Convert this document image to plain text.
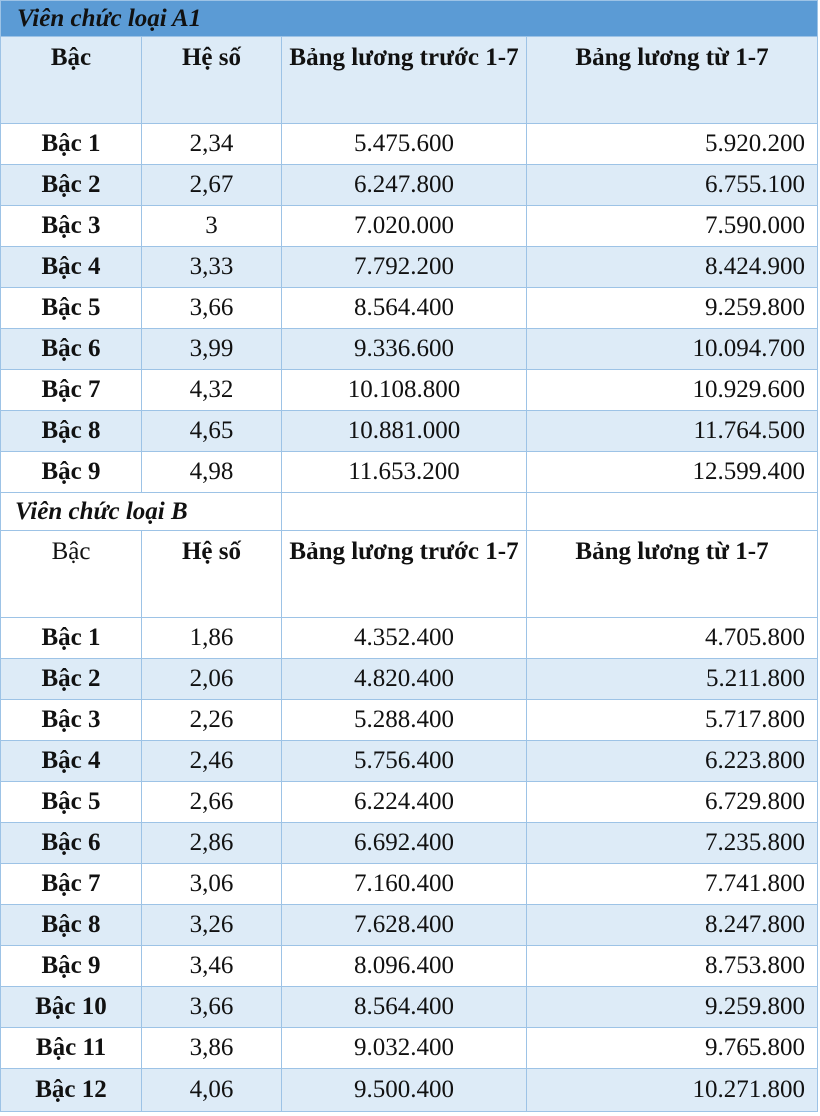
Viên chức loại A1			
Bậc	Hệ số	Bảng lương trước 1-7	Bảng lương từ 1-7
Bậc 1	2,34	5.475.600	5.920.200
Bậc 2	2,67	6.247.800	6.755.100
Bậc 3	3	7.020.000	7.590.000
Bậc 4	3,33	7.792.200	8.424.900
Bậc 5	3,66	8.564.400	9.259.800
Bậc 6	3,99	9.336.600	10.094.700
Bậc 7	4,32	10.108.800	10.929.600
Bậc 8	4,65	10.881.000	11.764.500
Bậc 9	4,98	11.653.200	12.599.400
Viên chức loại B			
Bậc	Hệ số	Bảng lương trước 1-7	Bảng lương từ 1-7
Bậc 1	1,86	4.352.400	4.705.800
Bậc 2	2,06	4.820.400	5.211.800
Bậc 3	2,26	5.288.400	5.717.800
Bậc 4	2,46	5.756.400	6.223.800
Bậc 5	2,66	6.224.400	6.729.800
Bậc 6	2,86	6.692.400	7.235.800
Bậc 7	3,06	7.160.400	7.741.800
Bậc 8	3,26	7.628.400	8.247.800
Bậc 9	3,46	8.096.400	8.753.800
Bậc 10	3,66	8.564.400	9.259.800
Bậc 11	3,86	9.032.400	9.765.800
Bậc 12	4,06	9.500.400	10.271.800
